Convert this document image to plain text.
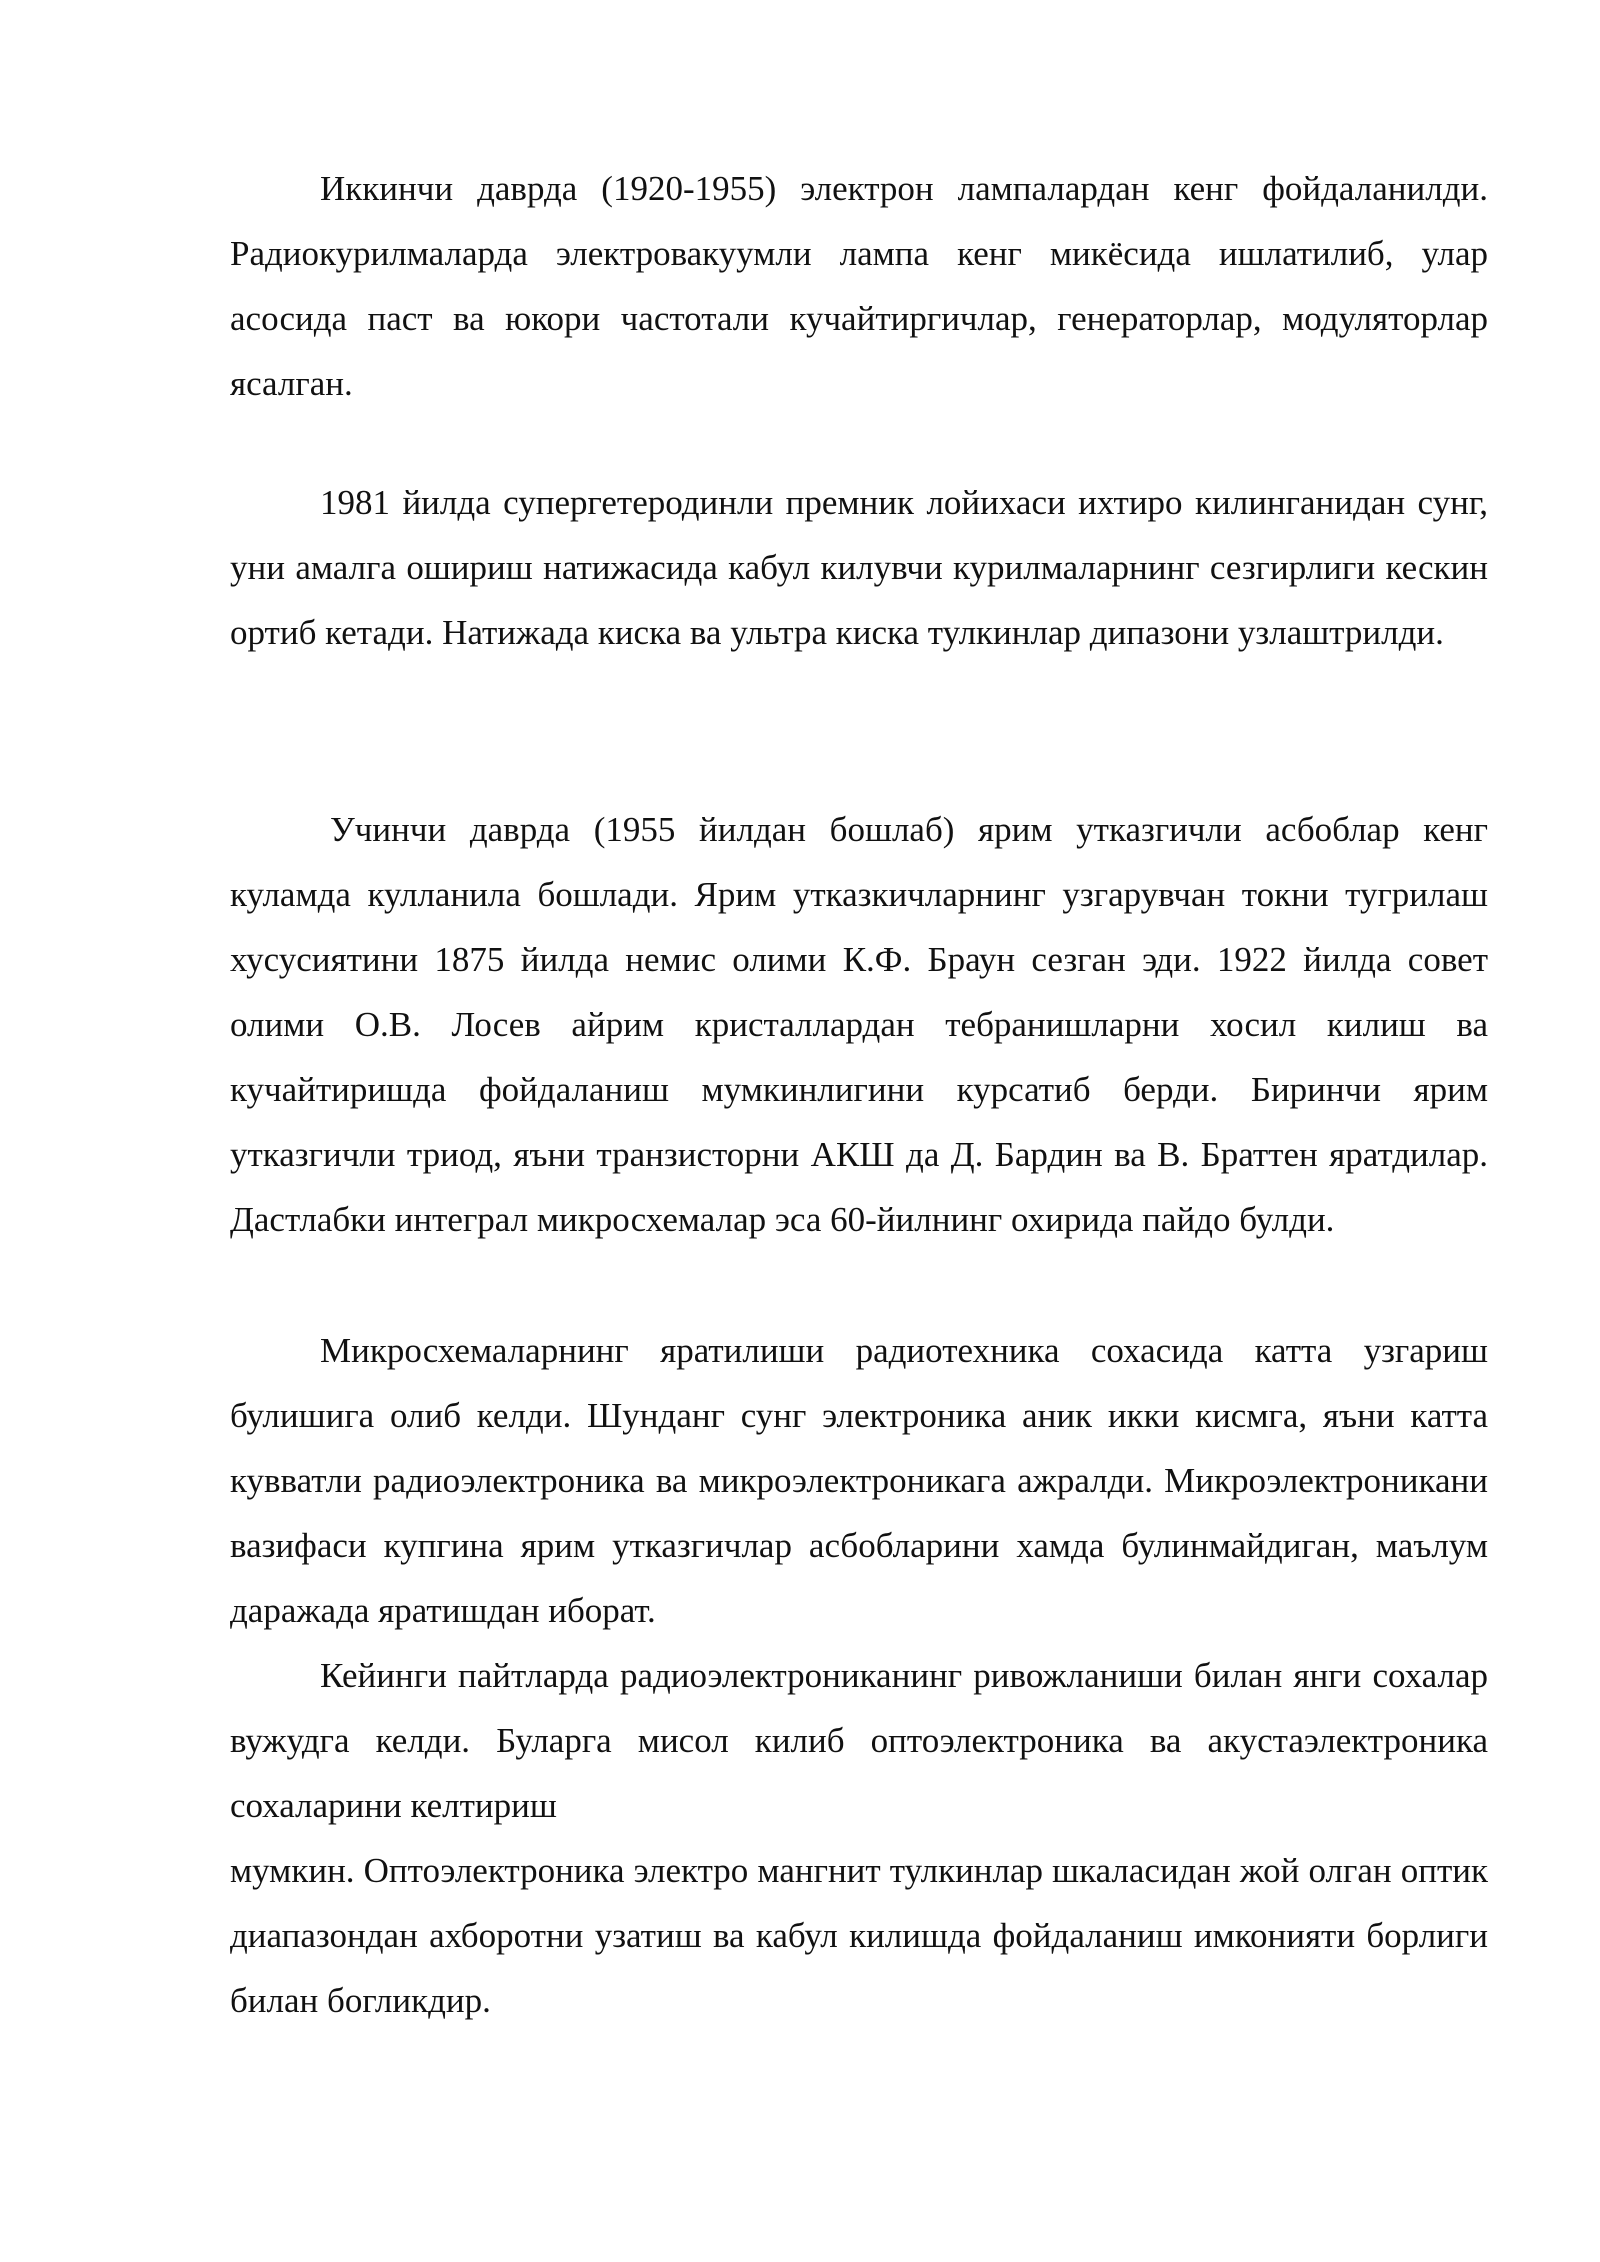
Иккинчи даврда (1920-1955) электрон лампалардан кенг фойдаланилди. Радиокурилмаларда электровакуумли лампа кенг микёсида ишлатилиб, улар асосида паст ва юкори частотали кучайтиргичлар, генераторлар, модуляторлар ясалган.

1981 йилда супергетеродинли премник лойихаси ихтиро килинганидан сунг, уни амалга ошириш натижасида кабул килувчи курилмаларнинг сезгирлиги кескин ортиб кетади. Натижада киска ва ультра киска тулкинлар дипазони узлаштрилди.

Учинчи даврда (1955 йилдан бошлаб) ярим утказгичли асбоблар кенг куламда кулланила бошлади. Ярим утказкичларнинг узгарувчан токни тугрилаш хусусиятини 1875 йилда немис олими К.Ф. Браун сезган эди. 1922 йилда совет олими О.В. Лосев айрим кристаллардан тебранишларни хосил килиш ва кучайтиришда фойдаланиш мумкинлигини курсатиб берди. Биринчи ярим утказгичли триод, яъни транзисторни АКШ да Д. Бардин ва В. Браттен яратдилар. Дастлабки интеграл микросхемалар эса 60-йилнинг охирида пайдо булди.

Микросхемаларнинг яратилиши радиотехника сохасида катта узгариш булишига олиб келди. Шунданг сунг электроника аник икки кисмга, яъни катта кувватли радиоэлектроника ва микроэлектроникага ажралди. Микроэлектроникани вазифаси купгина ярим утказгичлар асбобларини хамда булинмайдиган, маълум даражада яратишдан иборат.

Кейинги пайтларда радиоэлектрониканинг ривожланиши билан янги сохалар вужудга келди. Буларга мисол килиб оптоэлектроника ва акустаэлектроника сохаларини келтириш

мумкин. Оптоэлектроника электро мангнит тулкинлар шкаласидан жой олган оптик диапазондан ахборотни узатиш ва кабул килишда фойдаланиш имконияти борлиги билан богликдир.
